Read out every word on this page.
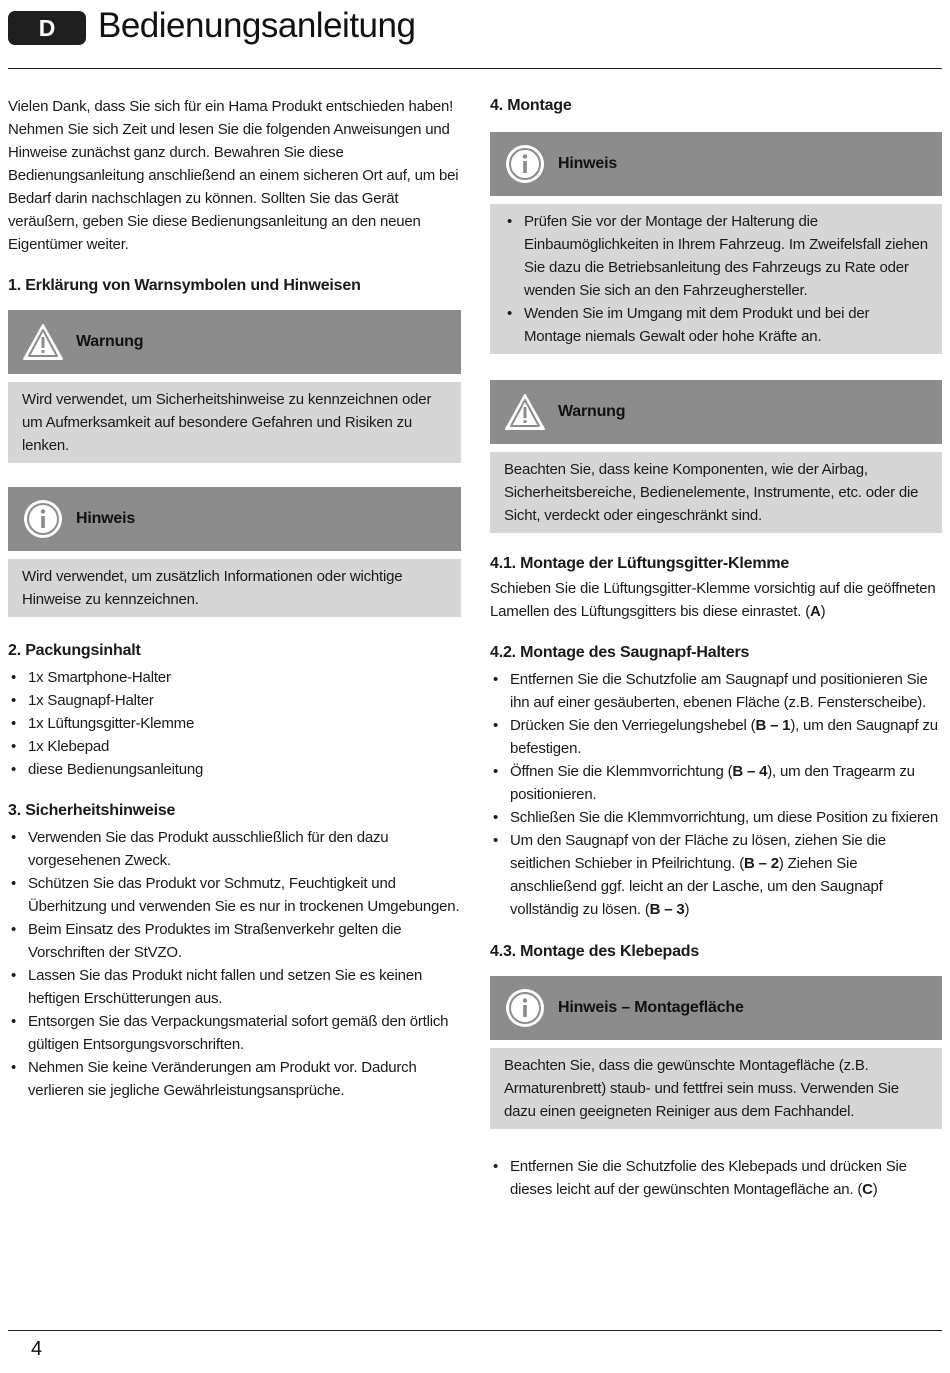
D	Bedienungsanleitung

Vielen Dank, dass Sie sich für ein Hama Produkt entschieden haben! Nehmen Sie sich Zeit und lesen Sie die folgenden Anweisungen und Hinweise zunächst ganz durch. Bewahren Sie diese Bedienungsanleitung anschließend an einem sicheren Ort auf, um bei Bedarf darin nachschlagen zu können. Sollten Sie das Gerät veräußern, geben Sie diese Bedienungsanleitung an den neuen Eigentümer weiter.

1. Erklärung von Warnsymbolen und Hinweisen
Warnung
Wird verwendet, um Sicherheitshinweise zu kennzeichnen oder um Aufmerksamkeit auf besondere Gefahren und Risiken zu lenken.
Hinweis
Wird verwendet, um zusätzlich Informationen oder wichtige Hinweise zu kennzeichnen.
2. Packungsinhalt
• 1x Smartphone-Halter
• 1x Saugnapf-Halter
• 1x Lüftungsgitter-Klemme
• 1x Klebepad
• diese Bedienungsanleitung
3. Sicherheitshinweise
• Verwenden Sie das Produkt ausschließlich für den dazu vorgesehenen Zweck.
• Schützen Sie das Produkt vor Schmutz, Feuchtigkeit und Überhitzung und verwenden Sie es nur in trockenen Umgebungen.
• Beim Einsatz des Produktes im Straßenverkehr gelten die Vorschriften der StVZO.
• Lassen Sie das Produkt nicht fallen und setzen Sie es keinen heftigen Erschütterungen aus.
• Entsorgen Sie das Verpackungsmaterial sofort gemäß den örtlich gültigen Entsorgungsvorschriften.
• Nehmen Sie keine Veränderungen am Produkt vor. Dadurch verlieren sie jegliche Gewährleistungsansprüche.
4. Montage
Hinweis
• Prüfen Sie vor der Montage der Halterung die Einbaumöglichkeiten in Ihrem Fahrzeug. Im Zweifelsfall ziehen Sie dazu die Betriebsanleitung des Fahrzeugs zu Rate oder wenden Sie sich an den Fahrzeughersteller.
• Wenden Sie im Umgang mit dem Produkt und bei der Montage niemals Gewalt oder hohe Kräfte an.
Warnung
Beachten Sie, dass keine Komponenten, wie der Airbag, Sicherheitsbereiche, Bedienelemente, Instrumente, etc. oder die Sicht, verdeckt oder eingeschränkt sind.
4.1. Montage der Lüftungsgitter-Klemme

Schieben Sie die Lüftungsgitter-Klemme vorsichtig auf die geöffneten Lamellen des Lüftungsgitters bis diese einrastet. (A)

4.2. Montage des Saugnapf-Halters
• Entfernen Sie die Schutzfolie am Saugnapf und positionieren Sie ihn auf einer gesäuberten, ebenen Fläche (z.B. Fensterscheibe).
• Drücken Sie den Verriegelungshebel (B – 1), um den Saugnapf zu befestigen.
• Öffnen Sie die Klemmvorrichtung (B – 4), um den Tragearm zu positionieren.
• Schließen Sie die Klemmvorrichtung, um diese Position zu fixieren
• Um den Saugnapf von der Fläche zu lösen, ziehen Sie die seitlichen Schieber in Pfeilrichtung. (B – 2) Ziehen Sie anschließend ggf. leicht an der Lasche, um den Saugnapf vollständig zu lösen. (B – 3)
4.3. Montage des Klebepads
Hinweis – Montagefläche
Beachten Sie, dass die gewünschte Montagefläche (z.B. Armaturenbrett) staub- und fettfrei sein muss. Verwenden Sie dazu einen geeigneten Reiniger aus dem Fachhandel.
• Entfernen Sie die Schutzfolie des Klebepads und drücken Sie dieses leicht auf der gewünschten Montagefläche an. (C)
4
